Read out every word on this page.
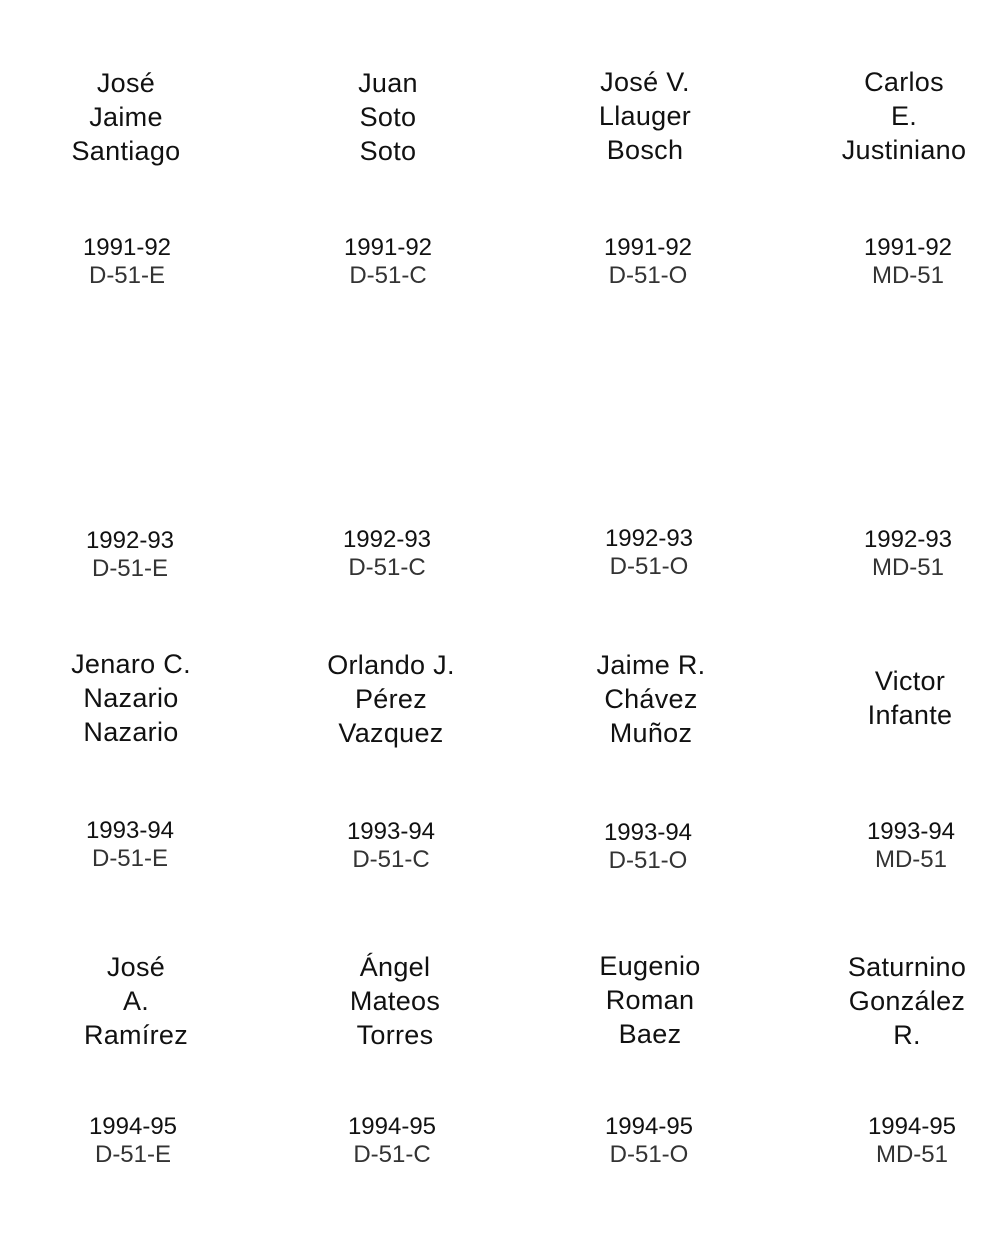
José
Jaime
Santiago
1991-92
D-51-E
1992-93
D-51-E
Jenaro C.
Nazario
Nazario
1993-94
D-51-E
José
A.
Ramírez
1994-95
D-51-E
Juan
Soto
Soto
1991-92
D-51-C
1992-93
D-51-C
Orlando J.
Pérez
Vazquez
1993-94
D-51-C
Ángel
Mateos
Torres
1994-95
D-51-C
José V.
Llauger
Bosch
1991-92
D-51-O
1992-93
D-51-O
Jaime R.
Chávez
Muñoz
1993-94
D-51-O
Eugenio
Roman
Baez
1994-95
D-51-O
Carlos
E.
Justiniano
1991-92
MD-51
1992-93
MD-51
Victor
Infante
1993-94
MD-51
Saturnino
González
R.
1994-95
MD-51
